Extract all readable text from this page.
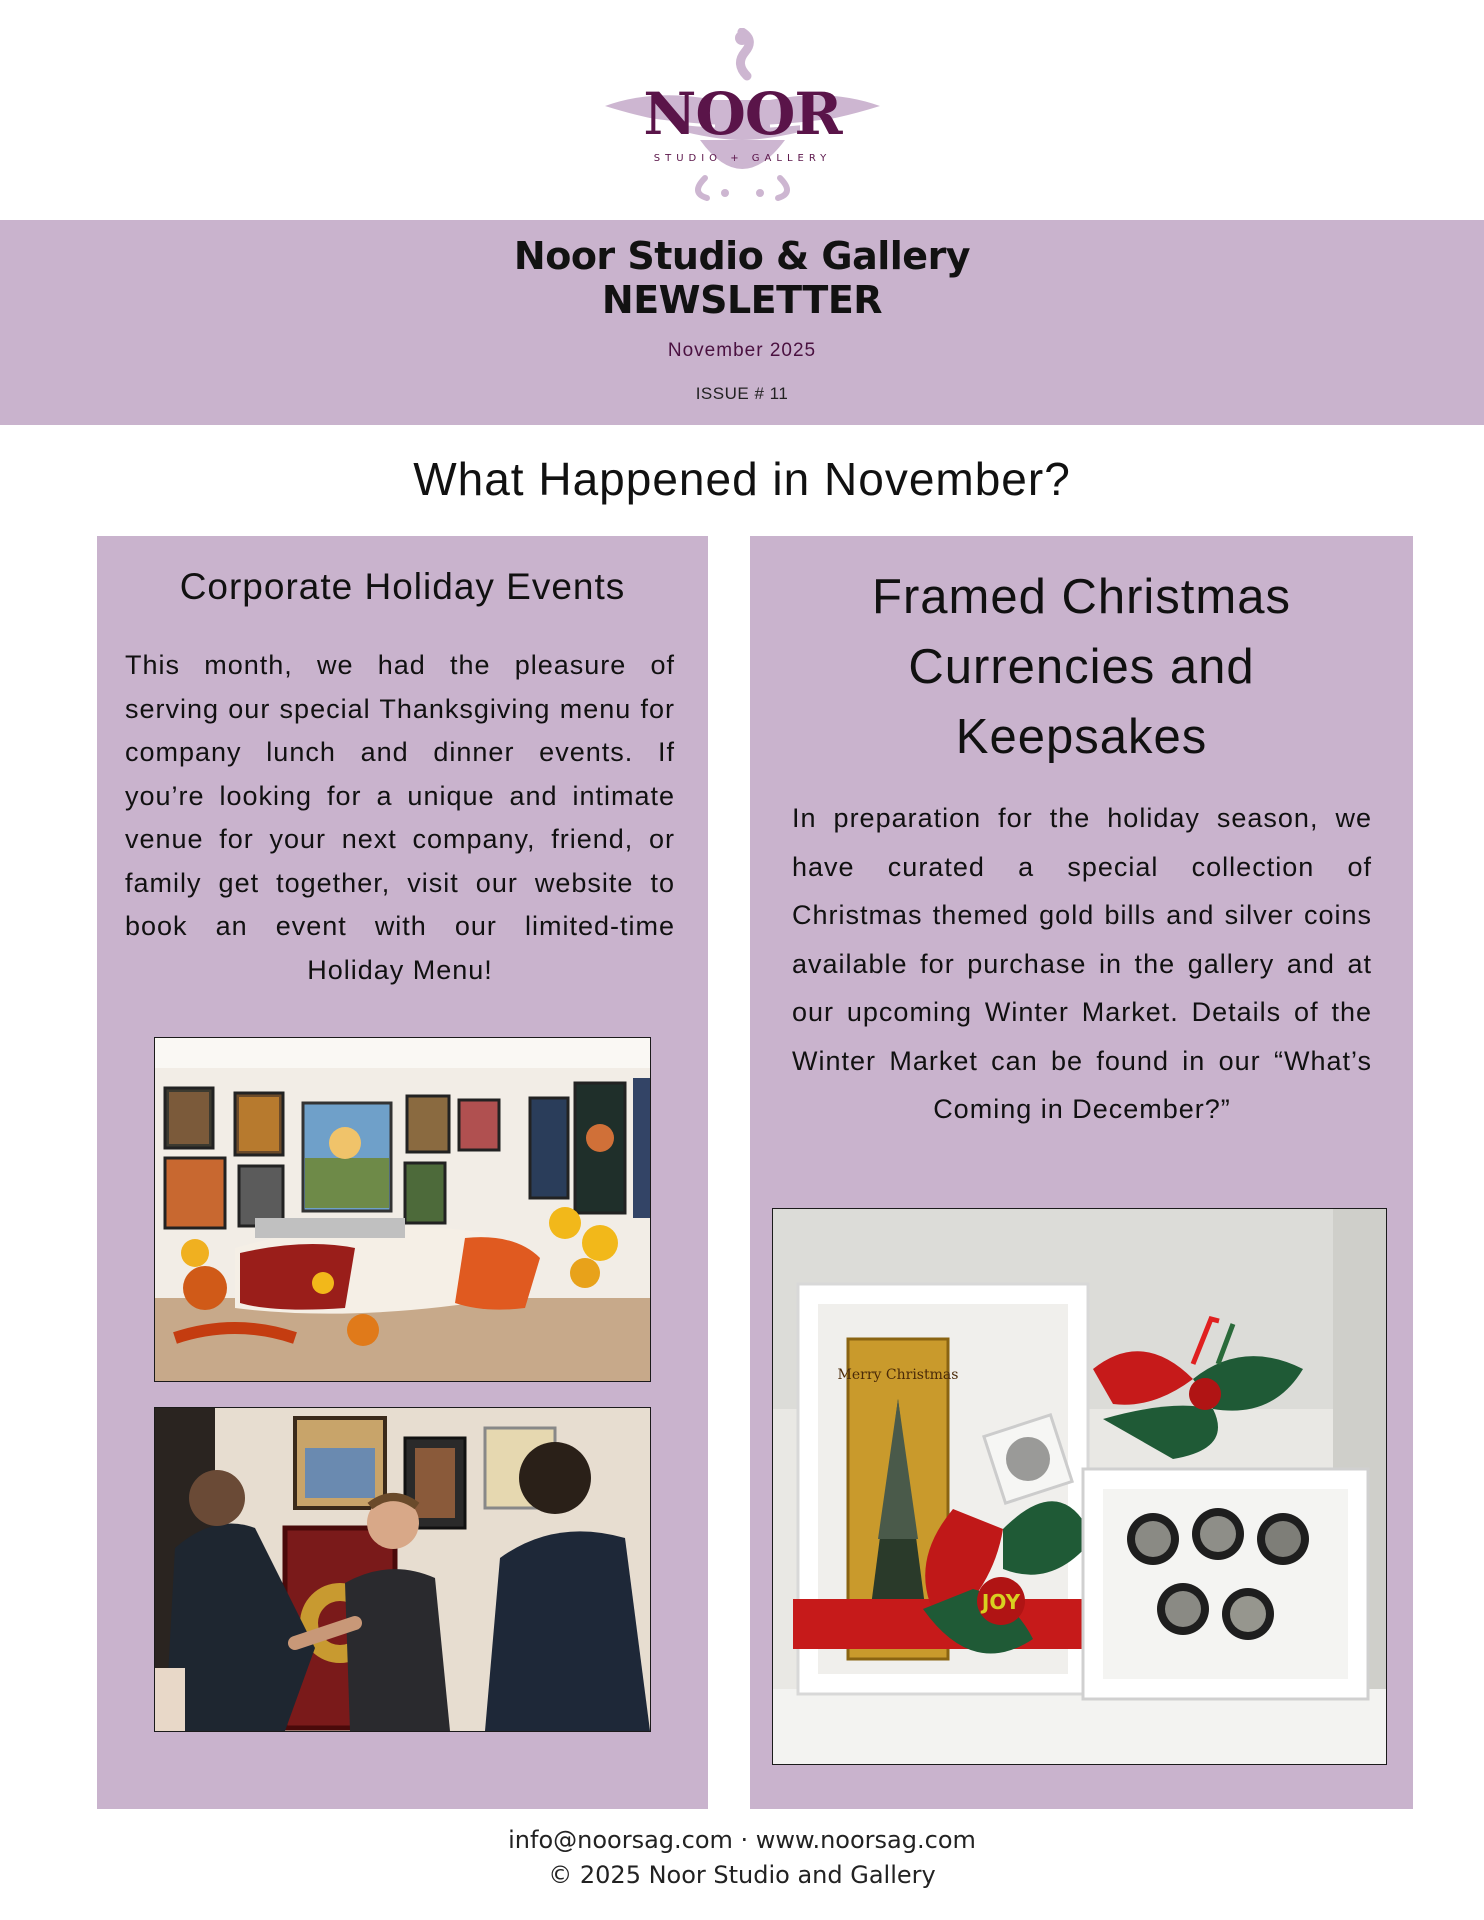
NOOR
STUDIO + GALLERY
Noor Studio & Gallery
NEWSLETTER
November 2025
ISSUE # 11
What Happened in November?
Corporate Holiday Events

This month, we had the pleasure of serving our special Thanksgiving menu for company lunch and dinner events. If you’re looking for a unique and intimate venue for your next company, friend, or family get together, visit our website to book an event with our limited-time Holiday Menu!

Framed Christmas Currencies and Keepsakes

In preparation for the holiday season, we have curated a special collection of Christmas themed gold bills and silver coins available for purchase in the gallery and at our upcoming Winter Market. Details of the Winter Market can be found in our “What’s Coming in December?”

Merry Christmas
JOY
info@noorsag.com · www.noorsag.com
© 2025 Noor Studio and Gallery
